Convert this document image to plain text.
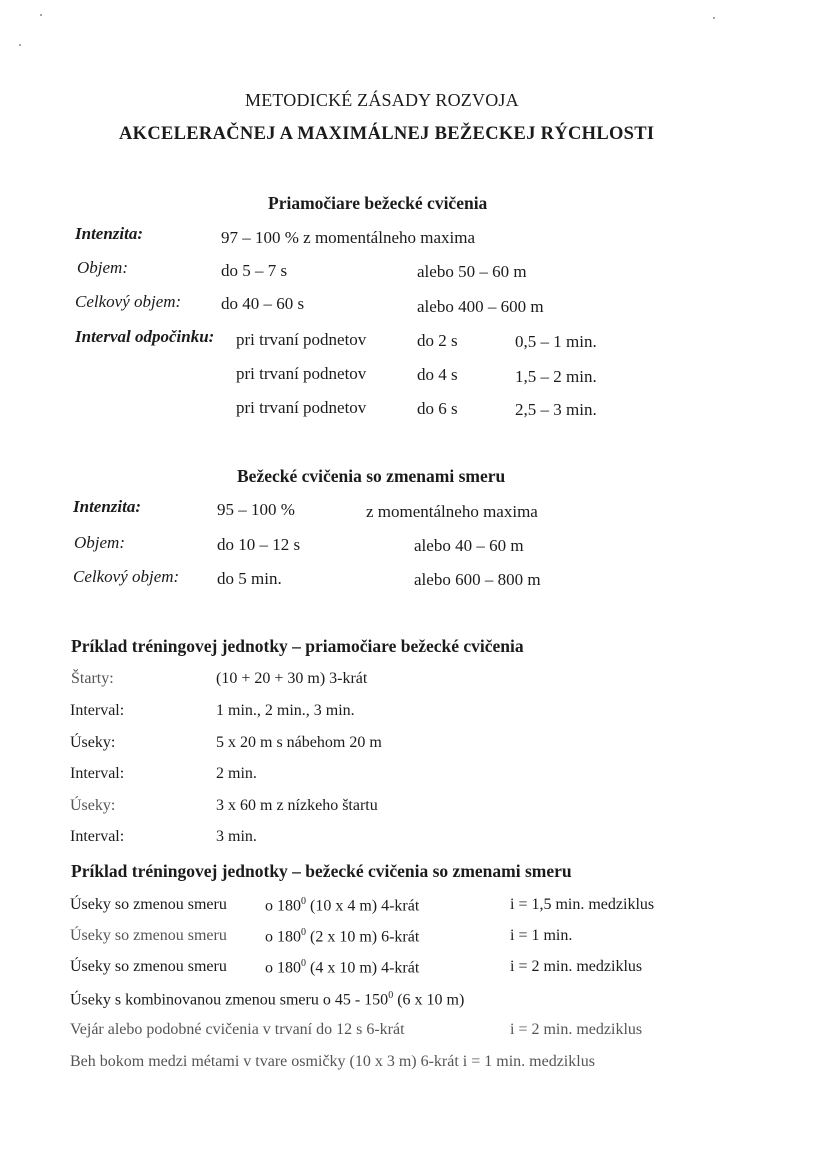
METODICKÉ ZÁSADY ROZVOJA
AKCELERAČNEJ A MAXIMÁLNEJ BEŽECKEJ RÝCHLOSTI
Priamočiare bežecké cvičenia
Intenzita:	97 – 100 % z momentálneho maxima
Objem:	do 5 – 7 s	alebo 50 – 60 m
Celkový objem: do 40 – 60 s	alebo 400 – 600 m
Interval odpočinku: pri trvaní podnetov	do 2 s	0,5 – 1 min.
pri trvaní podnetov	do 4 s	1,5 – 2 min.
pri trvaní podnetov	do 6 s	2,5 – 3 min.
Bežecké cvičenia so zmenami smeru
Intenzita:	95 – 100 %	z momentálneho maxima
Objem:	do 10 – 12 s	alebo 40 – 60 m
Celkový objem: do 5 min.	alebo 600 – 800 m
Príklad tréningovej jednotky – priamočiare bežecké cvičenia
Štarty:	(10 + 20 + 30 m) 3-krát
Interval:	1 min., 2 min., 3 min.
Úseky:	5 x 20 m s nábehom 20 m
Interval:	2 min.
Úseky:	3 x 60 m z nízkeho štartu
Interval:	3 min.
Príklad tréningovej jednotky – bežecké cvičenia so zmenami smeru
Úseky so zmenou smeru o $180^0$ (10 x 4 m) 4-krát	i = 1,5 min. medziklus
Úseky so zmenou smeru o $180^0$ (2 x 10 m) 6-krát	i = 1 min.
Úseky so zmenou smeru o $180^0$ (4 x 10 m) 4-krát	i = 2 min. medziklus
Úseky s kombinovanou zmenou smeru o $45 - 150^0$ (6 x 10 m)
Vejár alebo podobné cvičenia v trvaní do 12 s 6-krát	i = 2 min. medziklus
Beh bokom medzi métami v tvare osmičky (10 x 3 m) 6-krát i = 1 min. medziklus
